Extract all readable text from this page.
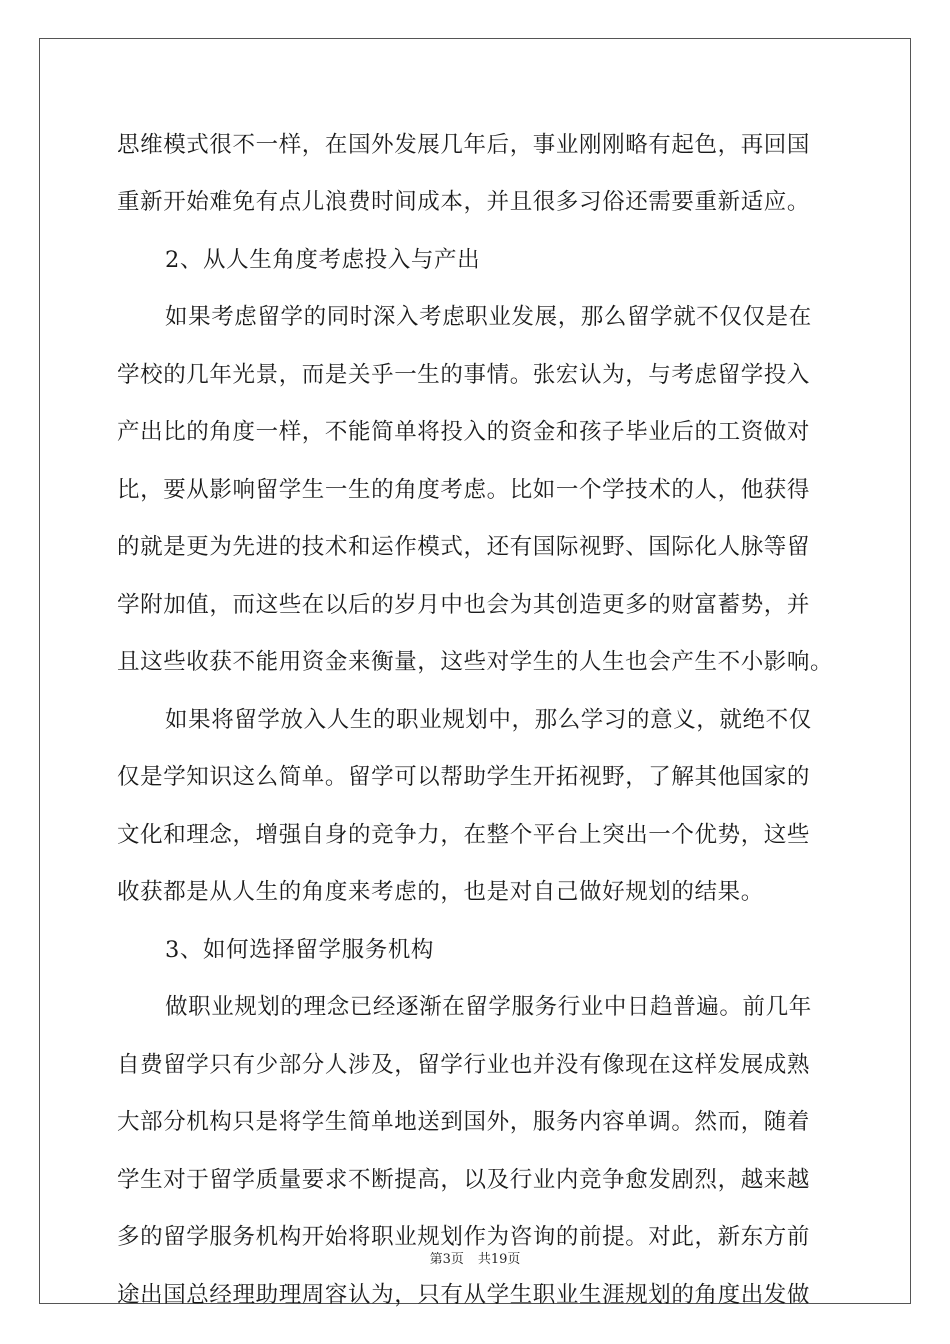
思维模式很不一样，在国外发展几年后，事业刚刚略有起色，再回国
重新开始难免有点儿浪费时间成本，并且很多习俗还需要重新适应。
2、从人生角度考虑投入与产出
如果考虑留学的同时深入考虑职业发展，那么留学就不仅仅是在
学校的几年光景，而是关乎一生的事情。张宏认为，与考虑留学投入
产出比的角度一样，不能简单将投入的资金和孩子毕业后的工资做对
比，要从影响留学生一生的角度考虑。比如一个学技术的人，他获得
的就是更为先进的技术和运作模式，还有国际视野、国际化人脉等留
学附加值，而这些在以后的岁月中也会为其创造更多的财富蓄势，并
且这些收获不能用资金来衡量，这些对学生的人生也会产生不小影响。
如果将留学放入人生的职业规划中，那么学习的意义，就绝不仅
仅是学知识这么简单。留学可以帮助学生开拓视野，了解其他国家的
文化和理念，增强自身的竞争力，在整个平台上突出一个优势，这些
收获都是从人生的角度来考虑的，也是对自己做好规划的结果。
3、如何选择留学服务机构
做职业规划的理念已经逐渐在留学服务行业中日趋普遍。前几年
自费留学只有少部分人涉及，留学行业也并没有像现在这样发展成熟
大部分机构只是将学生简单地送到国外，服务内容单调。然而，随着
学生对于留学质量要求不断提高，以及行业内竞争愈发剧烈，越来越
多的留学服务机构开始将职业规划作为咨询的前提。对此，新东方前
途出国总经理助理周容认为，只有从学生职业生涯规划的角度出发做
第3页 共19页
